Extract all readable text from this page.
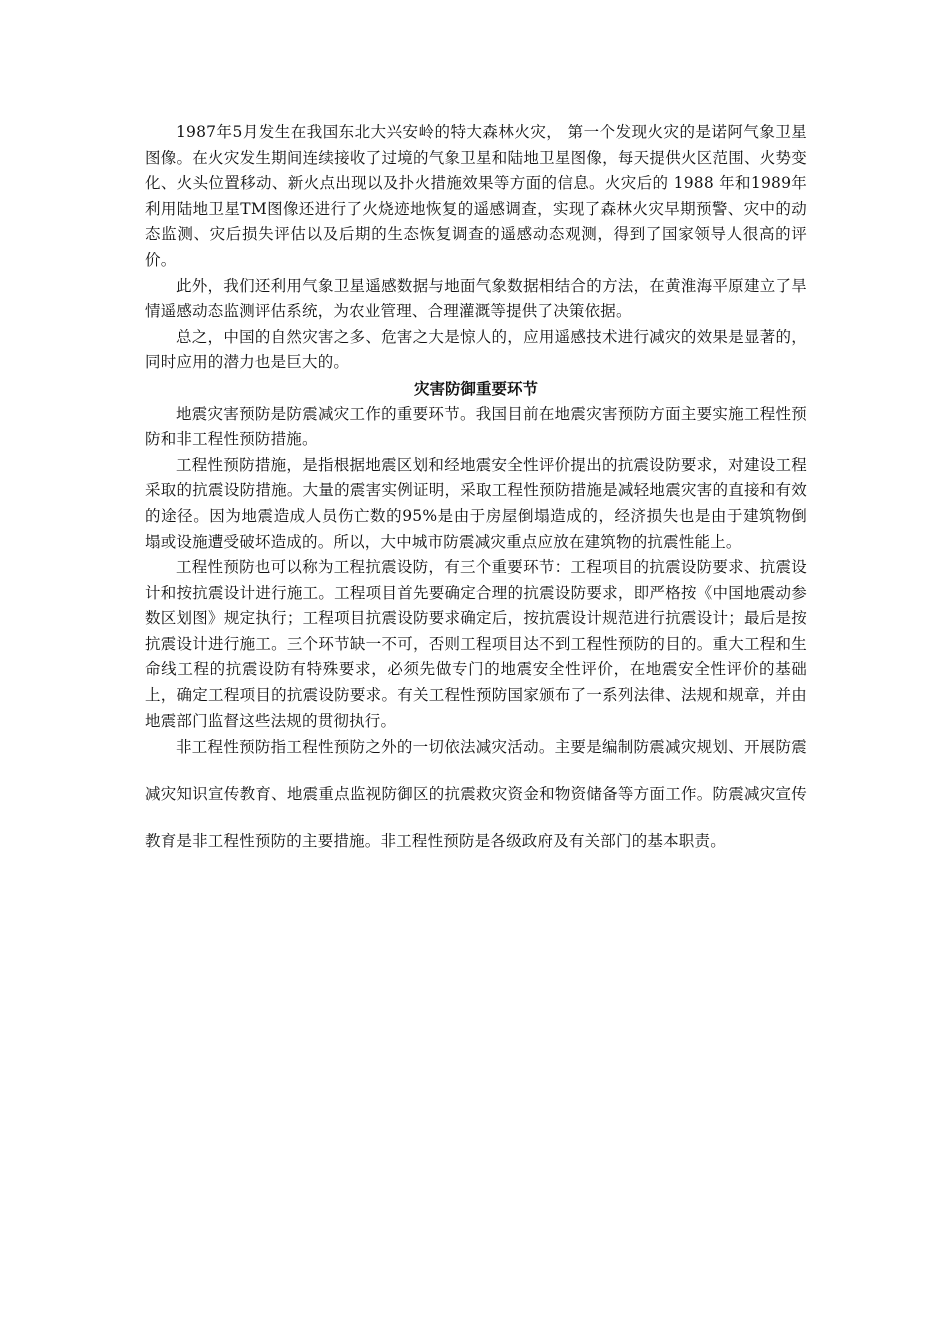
1987年5月发生在我国东北大兴安岭的特大森林火灾， 第一个发现火灾的是诺阿气象卫星图像。在火灾发生期间连续接收了过境的气象卫星和陆地卫星图像，每天提供火区范围、火势变化、火头位置移动、新火点出现以及扑火措施效果等方面的信息。火灾后的 1988 年和1989年利用陆地卫星TM图像还进行了火烧迹地恢复的遥感调查，实现了森林火灾早期预警、灾中的动态监测、灾后损失评估以及后期的生态恢复调查的遥感动态观测，得到了国家领导人很高的评价。

此外，我们还利用气象卫星遥感数据与地面气象数据相结合的方法，在黄淮海平原建立了旱情遥感动态监测评估系统，为农业管理、合理灌溉等提供了决策依据。

总之，中国的自然灾害之多、危害之大是惊人的，应用遥感技术进行减灾的效果是显著的，同时应用的潜力也是巨大的。

灾害防御重要环节

地震灾害预防是防震减灾工作的重要环节。我国目前在地震灾害预防方面主要实施工程性预防和非工程性预防措施。

工程性预防措施，是指根据地震区划和经地震安全性评价提出的抗震设防要求，对建设工程采取的抗震设防措施。大量的震害实例证明，采取工程性预防措施是减轻地震灾害的直接和有效的途径。因为地震造成人员伤亡数的95%是由于房屋倒塌造成的，经济损失也是由于建筑物倒塌或设施遭受破坏造成的。所以，大中城市防震减灾重点应放在建筑物的抗震性能上。

工程性预防也可以称为工程抗震设防，有三个重要环节：工程项目的抗震设防要求、抗震设计和按抗震设计进行施工。工程项目首先要确定合理的抗震设防要求，即严格按《中国地震动参数区划图》规定执行；工程项目抗震设防要求确定后，按抗震设计规范进行抗震设计；最后是按抗震设计进行施工。三个环节缺一不可，否则工程项目达不到工程性预防的目的。重大工程和生命线工程的抗震设防有特殊要求，必须先做专门的地震安全性评价，在地震安全性评价的基础上，确定工程项目的抗震设防要求。有关工程性预防国家颁布了一系列法律、法规和规章，并由地震部门监督这些法规的贯彻执行。

非工程性预防指工程性预防之外的一切依法减灾活动。主要是编制防震减灾规划、开展防震减灾知识宣传教育、地震重点监视防御区的抗震救灾资金和物资储备等方面工作。防震减灾宣传教育是非工程性预防的主要措施。非工程性预防是各级政府及有关部门的基本职责。
